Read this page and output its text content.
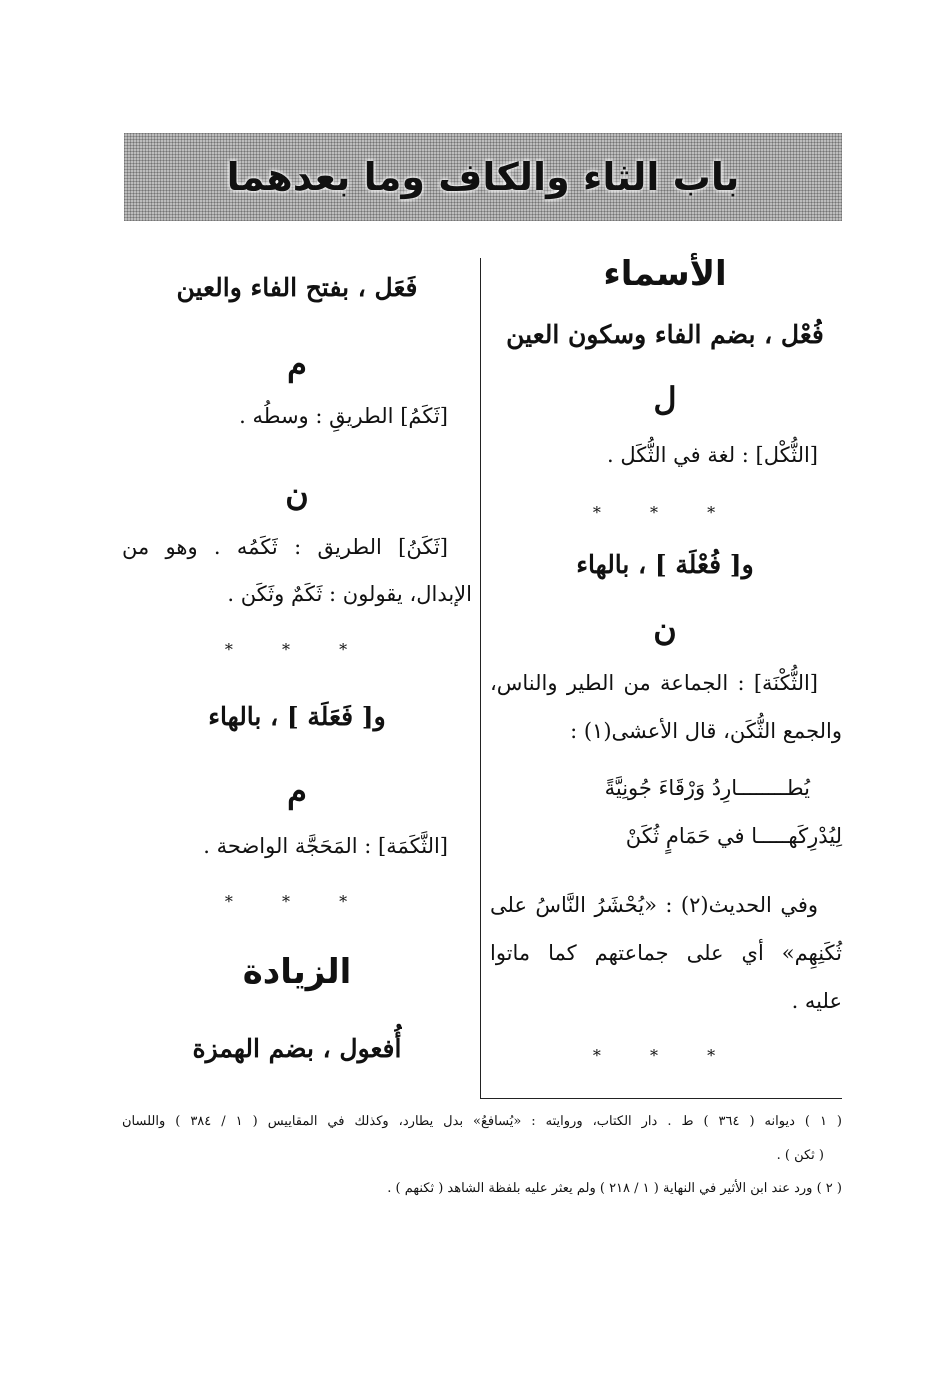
باب الثاء والكاف وما بعدهما
الأسماء
فُعْل ، بضم الفاء وسكون العين
ل
[الثُّكْل] : لغة في الثُّكَل .
* * *
و[ فُعْلَة ] ، بالهاء
ن
[الثُّكْنَة] : الجماعة من الطير والناس،
والجمع الثُّكَن، قال الأعشى(١) :
يُطــــــــارِدُ وَرْقَاءَ جُونِيَّةً
لِيُدْرِكَهـــــا في حَمَامٍ ثُكَنْ
وفي الحديث(٢) : «يُحْشَرُ النَّاسُ على
ثُكَنِهِم» أي على جماعتهم كما ماتوا
عليه .
* * *
فَعَل ، بفتح الفاء والعين
م
[ثَكَمُ] الطريقِ : وسطُه .
ن
[ثَكَنُ] الطريق : ثَكَمُه . وهو من
الإبدال، يقولون : ثَكَمٌ وثَكَن .
* * *
و[ فَعَلَة ] ، بالهاء
م
[الثَّكَمَة] : المَحَجَّة الواضحة .
* * *
الزيادة
أُفعول ، بضم الهمزة
( ١ ) ديوانه ( ٣٦٤ ) ط . دار الكتاب، وروايته : «يُسافعُ» بدل يطارد، وكذلك في المقاييس ( ١ / ٣٨٤ ) واللسان
( ثكن ) .
( ٢ ) ورد عند ابن الأثير في النهاية ( ١ / ٢١٨ ) ولم يعثر عليه بلفظة الشاهد ( ثكنهم ) .
